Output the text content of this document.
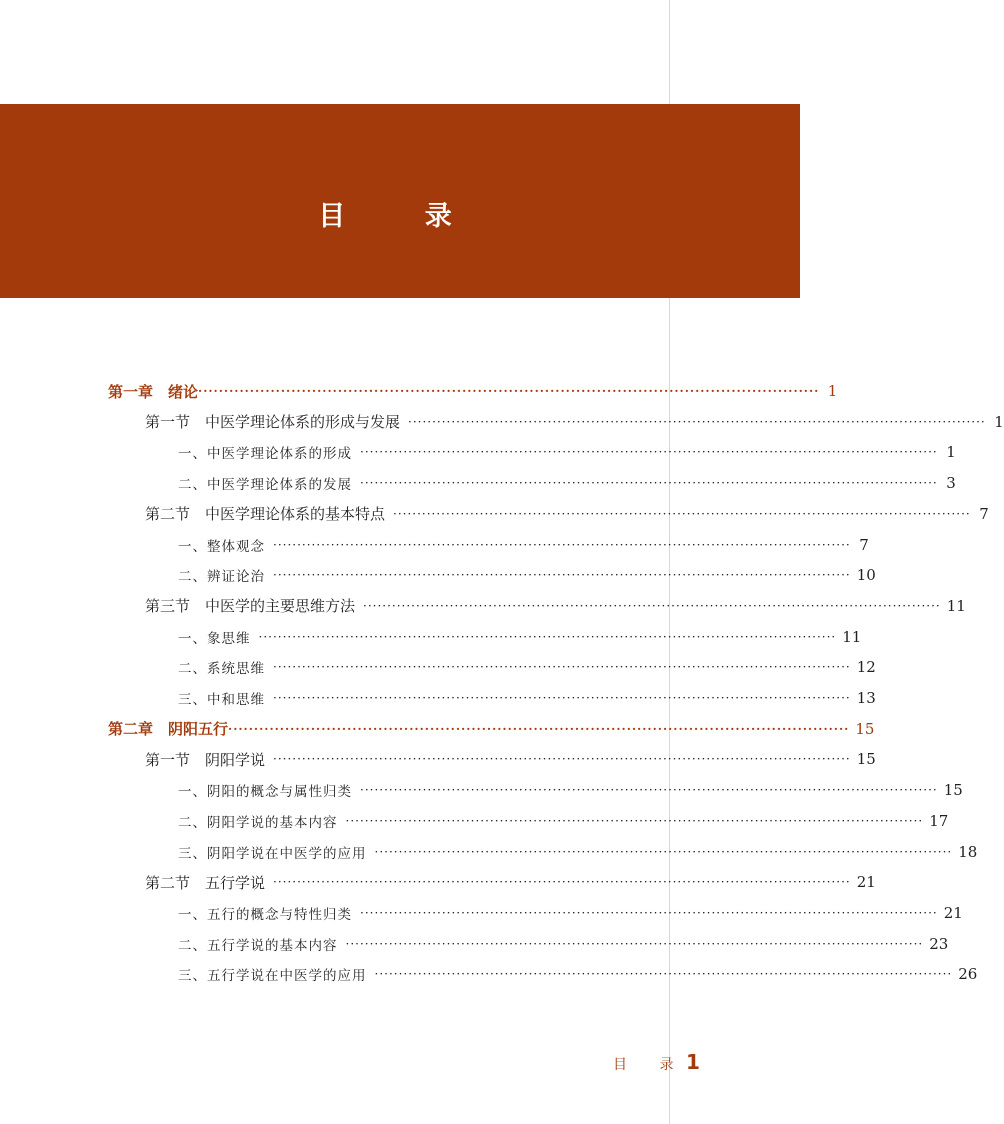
目 录
第一章　绪论 ························································································································ 1
第一节　中医学理论体系的形成与发展 ························································································································ 1
一、中医学理论体系的形成 ························································································································ 1
二、中医学理论体系的发展 ························································································································ 3
第二节　中医学理论体系的基本特点 ························································································································ 7
一、整体观念 ························································································································ 7
二、辨证论治 ························································································································ 10
第三节　中医学的主要思维方法 ························································································································ 11
一、象思维 ························································································································ 11
二、系统思维 ························································································································ 12
三、中和思维 ························································································································ 13
第二章　阴阳五行 ························································································································ 15
第一节　阴阳学说 ························································································································ 15
一、阴阳的概念与属性归类 ························································································································ 15
二、阴阳学说的基本内容 ························································································································ 17
三、阴阳学说在中医学的应用 ························································································································ 18
第二节　五行学说 ························································································································ 21
一、五行的概念与特性归类 ························································································································ 21
二、五行学说的基本内容 ························································································································ 23
三、五行学说在中医学的应用 ························································································································ 26
目 录
1
